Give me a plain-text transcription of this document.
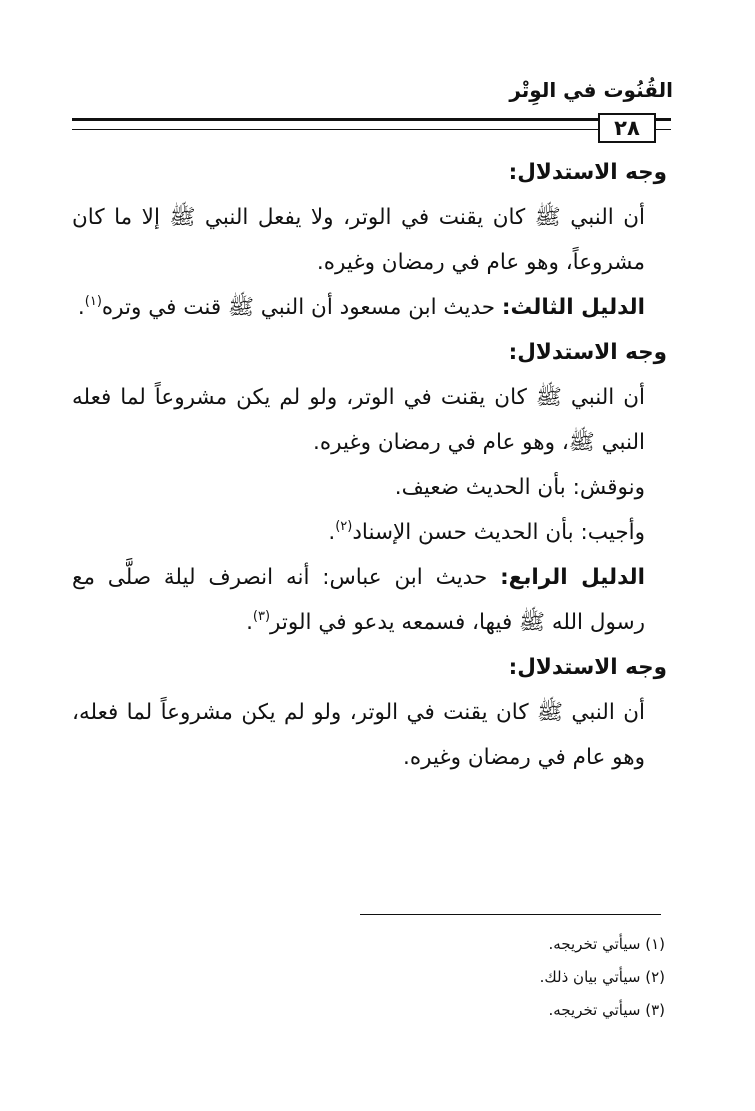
القُنُوت في الوِتْر
٢٨

وجه الاستدلال:

أن النبي ﷺ كان يقنت في الوتر، ولا يفعل النبي ﷺ إلا ما كان مشروعاً، وهو عام في رمضان وغيره.

الدليل الثالث: حديث ابن مسعود أن النبي ﷺ قنت في وتره$^{(١)}$.

وجه الاستدلال:

أن النبي ﷺ كان يقنت في الوتر، ولو لم يكن مشروعاً لما فعله النبي ﷺ، وهو عام في رمضان وغيره.

ونوقش: بأن الحديث ضعيف.

وأجيب: بأن الحديث حسن الإسناد$^{(٢)}$.

الدليل الرابع: حديث ابن عباس: أنه انصرف ليلة صلَّى مع رسول الله ﷺ فيها، فسمعه يدعو في الوتر$^{(٣)}$.

وجه الاستدلال:

أن النبي ﷺ كان يقنت في الوتر، ولو لم يكن مشروعاً لما فعله، وهو عام في رمضان وغيره.

(١) سيأتي تخريجه.

(٢) سيأتي بيان ذلك.

(٣) سيأتي تخريجه.
